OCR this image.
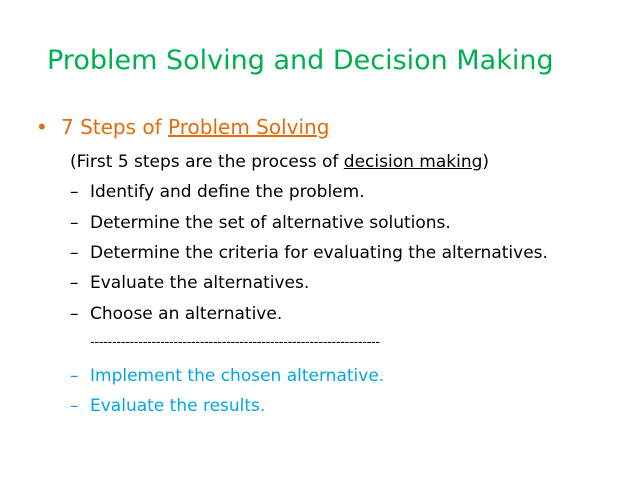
Problem Solving and Decision Making
• 7 Steps of Problem Solving
(First 5 steps are the process of decision making)
– Identify and define the problem.
– Determine the set of alternative solutions.
– Determine the criteria for evaluating the alternatives.
– Evaluate the alternatives.
– Choose an alternative.
------------------------------------------------------------------
– Implement the chosen alternative.
– Evaluate the results.
